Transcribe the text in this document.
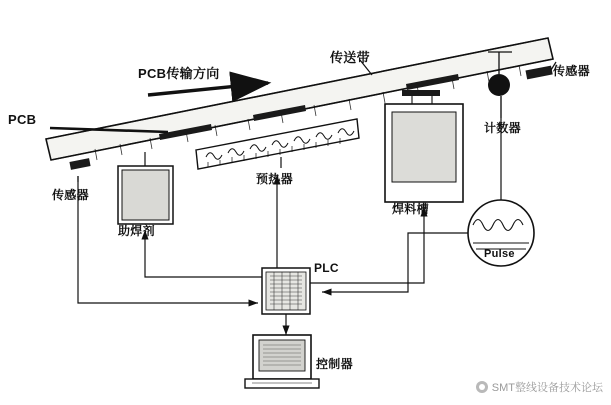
PCB
PCB传输方向
传送带
传感器
传感器
计数器
预热器
助焊剂
焊料槽
PLC
控制器
Pulse
SMT整线设备技术论坛
